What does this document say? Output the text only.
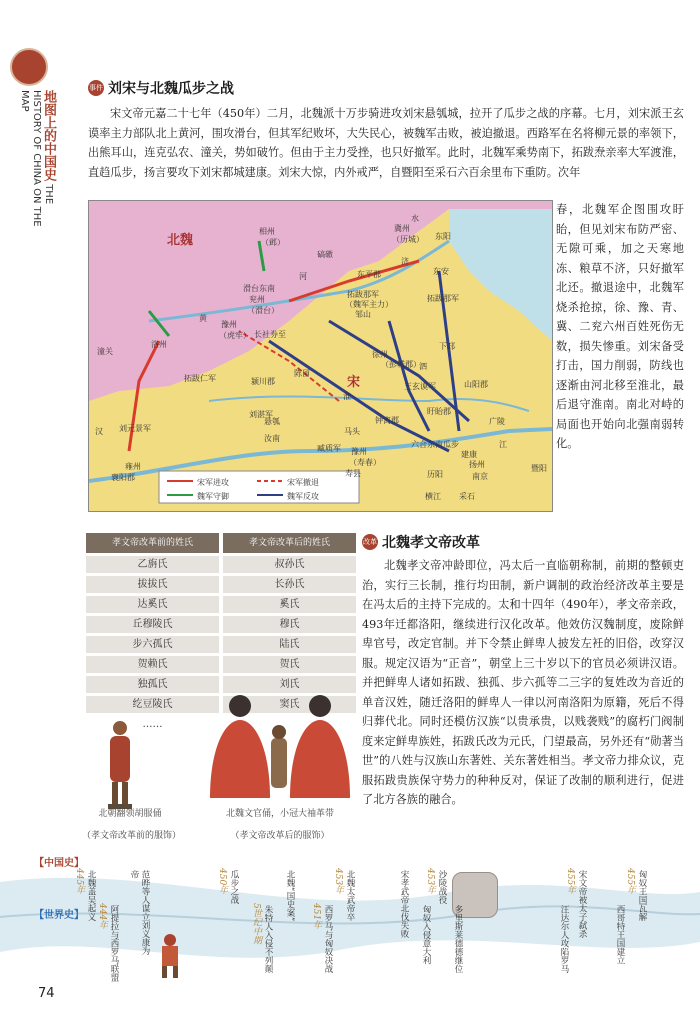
地图上的中国史 THE HISTORY OF CHINA ON THE MAP
事件 刘宋与北魏瓜步之战
宋文帝元嘉二十七年（450年）二月，北魏派十万步骑进攻刘宋悬瓠城，拉开了瓜步之战的序幕。七月，刘宋派王玄谟率主力部队北上黄河，围攻滑台，但其军纪败坏，大失民心，被魏军击败，被迫撤退。西路军在名将柳元景的率领下，出熊耳山，连克弘农、潼关，势如破竹。但由于主力受挫，也只好撤军。此时，北魏军乘势南下，拓跋焘亲率大军渡淮，直趋瓜步，扬言要攻下刘宋都城建康。刘宋大惊，内外戒严，自暨阳至采石六百余里布下重防。次年
春，北魏军企图围攻盱眙，但见刘宋布防严密、无隙可乘，加之天寒地冻、粮草不济，只好撤军北还。撤退途中，北魏军烧杀抢掠，徐、豫、青、冀、二兖六州百姓死伤无数，损失惨重。刘宋备受打击，国力削弱，防线也逐渐由河北移至淮北，最后退守淮南。南北对峙的局面也开始向北强南弱转化。
北魏
宋
相州
（邺）
碻磝
冀州
（历城） 东阳
东安
滑台东南
兖州
（滑台）
东平郡
拓跋那军
（魏军主力）
邹山
拓跋那军
豫州
（虎牢）
洛州
长社券至
拓跋仁军	颍川郡
徐州
（彭城郡）
下邳
山阳郡
王玄谟军
盱眙郡
陈留
悬瓠
汝南
刘湛军
钟离郡
马头
六合东南瓜步
广陵
扬州
建康
南京
豫州
（寿春）
寿县
臧质军
历阳
横江 采石
暨阳
潼关
刘元景军
雍州
襄阳郡
河
淮
江
黄
济
泗
汉
水
宋军进攻	宋军撤退
魏军守御	魏军反攻
孝文帝改革前的姓氏	孝文帝改革后的姓氏
乙旃氏	叔孙氏
拔拔氏	长孙氏
达奚氏	奚氏
丘穆陵氏	穆氏
步六孤氏	陆氏
贺赖氏	贺氏
独孤氏	刘氏
纥豆陵氏	窦氏
……
北朝翻领胡服俑
（孝文帝改革前的服饰）
北魏文官俑，小冠大袖革带
（孝文帝改革后的服饰）
改革 北魏孝文帝改革
北魏孝文帝冲龄即位，冯太后一直临朝称制，前期的整顿吏治，实行三长制，推行均田制，新户调制的政治经济改革主要是在冯太后的主持下完成的。太和十四年（490年），孝文帝亲政，493年迁都洛阳，继续进行汉化改革。他效仿汉魏制度，废除鲜卑官号，改定官制。并下令禁止鲜卑人披发左衽的旧俗，改穿汉服。规定汉语为“正音”，朝堂上三十岁以下的官员必须讲汉语。并把鲜卑人诸如拓跋、独孤、步六孤等二三字的复姓改为音近的单音汉姓，随迁洛阳的鲜卑人一律以河南洛阳为原籍，死后不得归葬代北。同时还模仿汉族“以贵承贵，以贱袭贱”的腐朽门阀制度来定鲜卑族姓，拓跋氏改为元氏，门望最高，另外还有“勋著当世”的八姓与汉族山东著姓、关东著姓相当。孝文帝力排众议，克服拓跋贵族保守势力的种种反对，保证了改制的顺利进行，促进了北方各族的融合。
【中国史】
【世界史】
445年 北魏盖吴起义 444年 阿提拉与西罗马联盟	范晔等人谋立刘义康为帝	450年 瓜步之战	北魏“国史案”
5世纪中期 朱特人入侵不列颠
453年 北魏太武帝卒
451年 西罗马与匈奴决战
宋孝武帝北伐失败 匈奴入侵意大利
453年 沙陵战役
多里斯莱德德继位
455年 宋文帝被太子弑杀
汪达尔人攻陷罗马
455年 匈奴王国瓦解
西哥特王国建立
74
